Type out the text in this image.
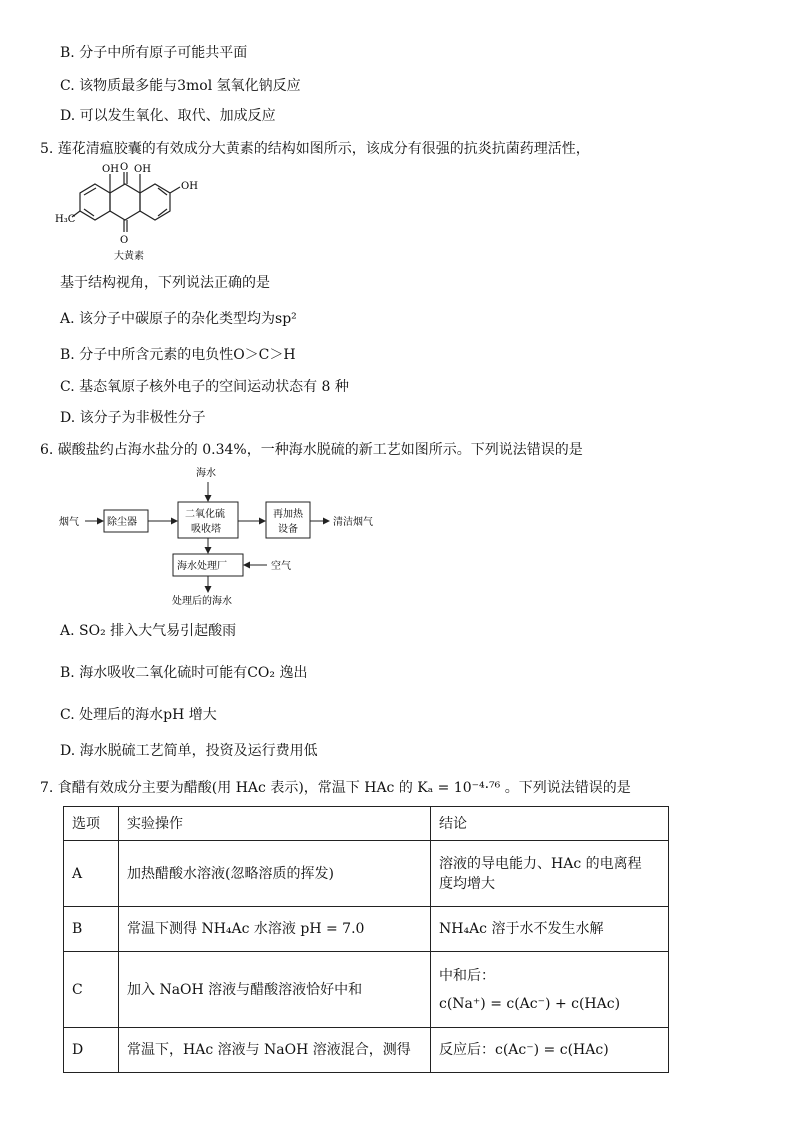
B. 分子中所有原子可能共平面
C. 该物质最多能与3mol 氢氧化钠反应
D. 可以发生氧化、取代、加成反应
5. 莲花清瘟胶囊的有效成分大黄素的结构如图所示，该成分有很强的抗炎抗菌药理活性，
OH O OH
OH
O
H₃C
大黄素
基于结构视角，下列说法正确的是
A. 该分子中碳原子的杂化类型均为sp²
B. 分子中所含元素的电负性O＞C＞H
C. 基态氧原子核外电子的空间运动状态有 8 种
D. 该分子为非极性分子
6. 碳酸盐约占海水盐分的 0.34%，一种海水脱硫的新工艺如图所示。下列说法错误的是
海水
烟气	除尘器
二氧化硫
吸收塔
再加热
设备
清洁烟气
海水处理厂	空气
处理后的海水
A. SO₂ 排入大气易引起酸雨
B. 海水吸收二氧化硫时可能有CO₂ 逸出
C. 处理后的海水pH 增大
D. 海水脱硫工艺简单，投资及运行费用低
7. 食醋有效成分主要为醋酸(用 HAc 表示)，常温下 HAc 的 Kₐ = 10⁻⁴·⁷⁶ 。下列说法错误的是
选项	实验操作	结论
A	加热醋酸水溶液(忽略溶质的挥发)	溶液的导电能力、HAc 的电离程
度均增大

B	常温下测得 NH₄Ac 水溶液 pH = 7.0	NH₄Ac 溶于水不发生水解
C	加入 NaOH 溶液与醋酸溶液恰好中和	中和后：
c(Na⁺) = c(Ac⁻) + c(HAc)

D	常温下，HAc 溶液与 NaOH 溶液混合，测得	反应后：c(Ac⁻) = c(HAc)
